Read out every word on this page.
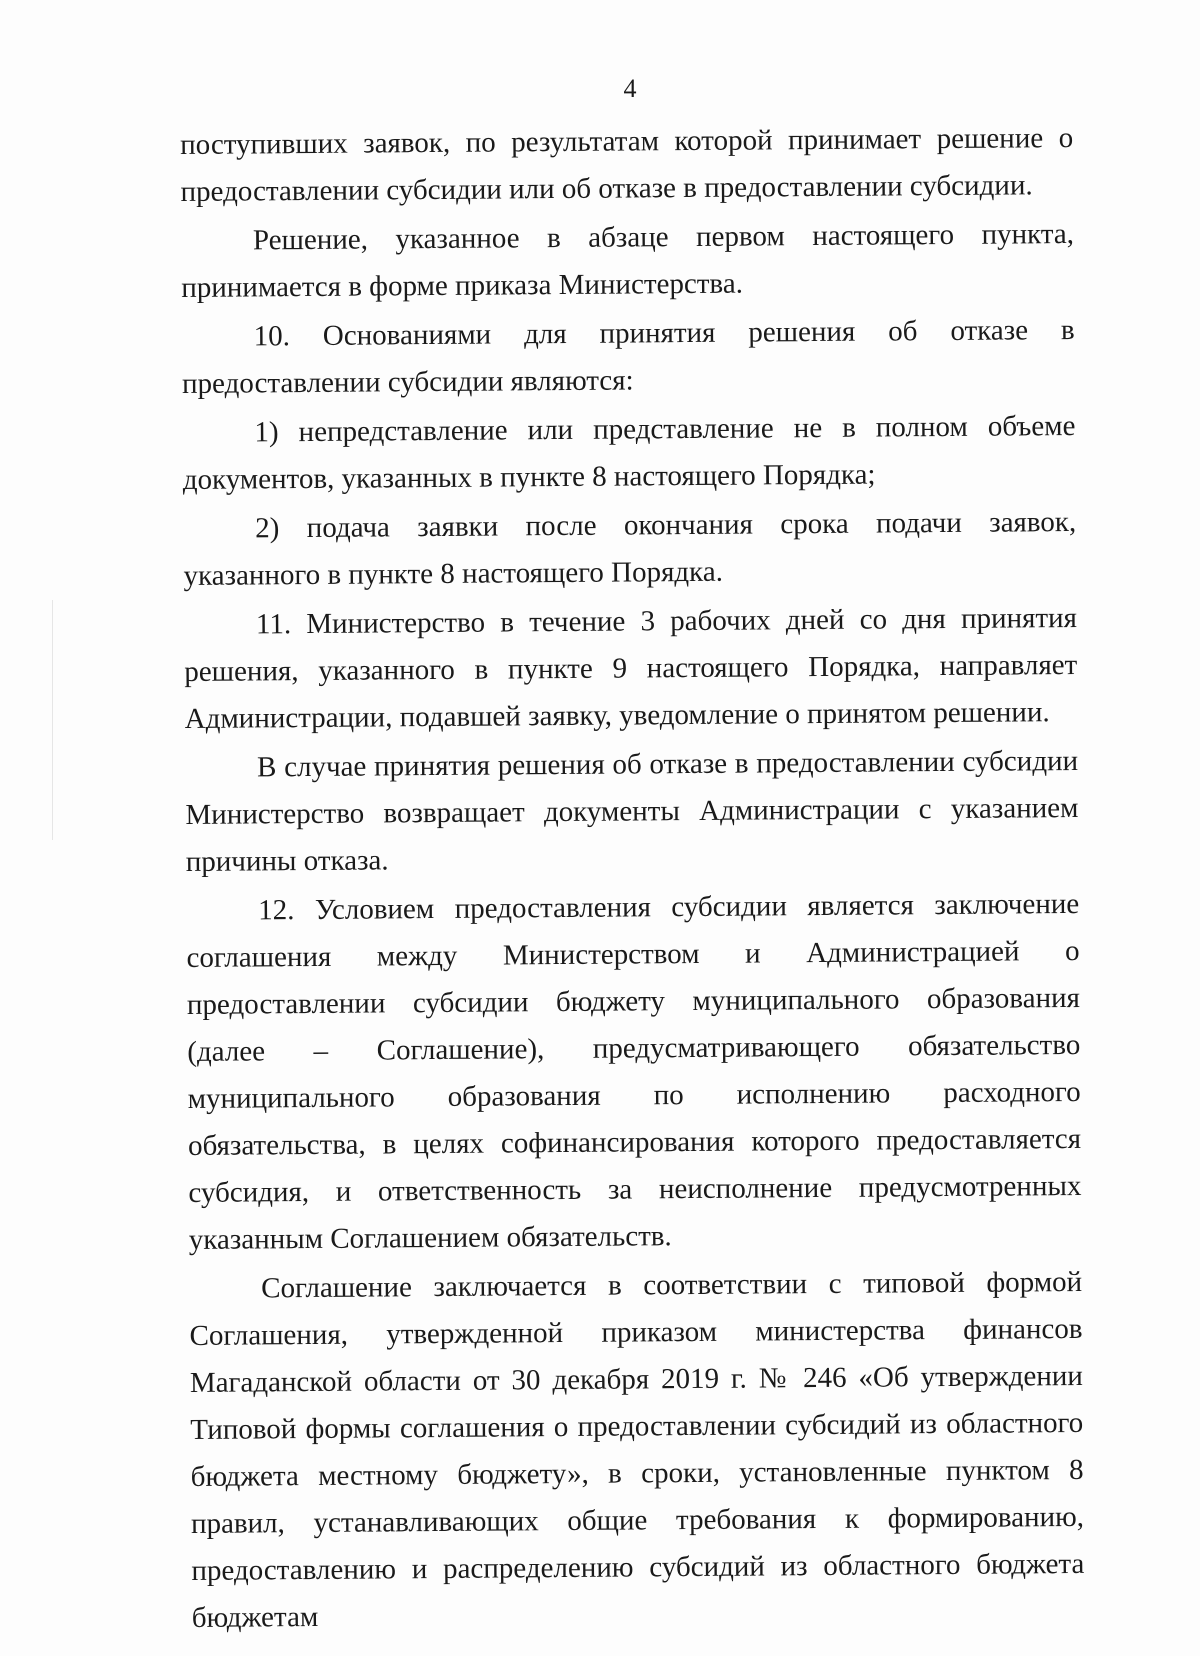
4

поступивших заявок, по результатам которой принимает решение о предоставлении субсидии или об отказе в предоставлении субсидии.

Решение, указанное в абзаце первом настоящего пункта, принимается в форме приказа Министерства.

10. Основаниями для принятия решения об отказе в предоставлении субсидии являются:

1) непредставление или представление не в полном объеме документов, указанных в пункте 8 настоящего Порядка;

2) подача заявки после окончания срока подачи заявок, указанного в пункте 8 настоящего Порядка.

11. Министерство в течение 3 рабочих дней со дня принятия решения, указанного в пункте 9 настоящего Порядка, направляет Администрации, подавшей заявку, уведомление о принятом решении.

В случае принятия решения об отказе в предоставлении субсидии Министерство возвращает документы Администрации с указанием причины отказа.

12. Условием предоставления субсидии является заключение соглашения между Министерством и Администрацией о предоставлении субсидии бюджету муниципального образования (далее – Соглашение), предусматривающего обязательство муниципального образования по исполнению расходного обязательства, в целях софинансирования которого предоставляется субсидия, и ответственность за неисполнение предусмотренных указанным Соглашением обязательств.

Соглашение заключается в соответствии с типовой формой Соглашения, утвержденной приказом министерства финансов Магаданской области от 30 декабря 2019 г. № 246 «Об утверждении Типовой формы соглашения о предоставлении субсидий из областного бюджета местному бюджету», в сроки, установленные пунктом 8 правил, устанавливающих общие требования к формированию, предоставлению и распределению субсидий из областного бюджета бюджетам
